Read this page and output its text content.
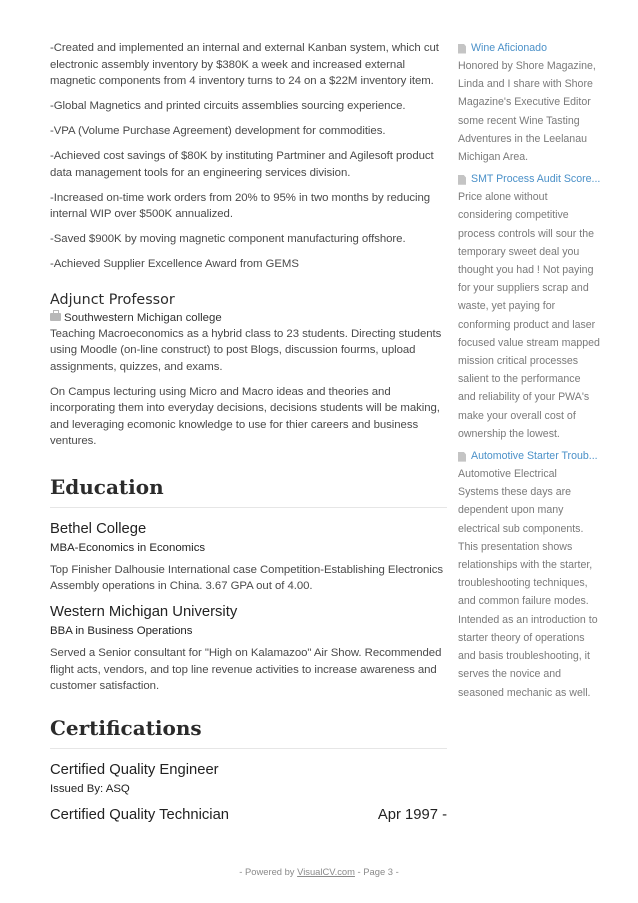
-Created and implemented an internal and external Kanban system, which cut electronic assembly inventory by $380K a week and increased external magnetic components from 4 inventory turns to 24 on a $22M inventory item.

-Global Magnetics and printed circuits assemblies sourcing experience.

-VPA (Volume Purchase Agreement) development for commodities.

-Achieved cost savings of $80K by instituting Partminer and Agilesoft product data management tools for an engineering services division.

-Increased on-time work orders from 20% to 95% in two months by reducing internal WIP over $500K annualized.

-Saved $900K by moving magnetic component manufacturing offshore.

-Achieved Supplier Excellence Award from GEMS

Adjunct Professor
Southwestern Michigan college

Teaching Macroeconomics as a hybrid class to 23 students. Directing students using Moodle (on-line construct) to post Blogs, discussion fourms, upload assignments, quizzes, and exams.

On Campus lecturing using Micro and Macro ideas and theories and incorporating them into everyday decisions, decisions students will be making, and leveraging ecomonic knowledge to use for thier careers and business ventures.

Education
Bethel College
MBA-Economics in Economics

Top Finisher Dalhousie International case Competition-Establishing Electronics Assembly operations in China. 3.67 GPA out of 4.00.

Western Michigan University
BBA in Business Operations

Served a Senior consultant for "High on Kalamazoo" Air Show. Recommended flight acts, vendors, and top line revenue activities to increase awareness and customer satisfaction.

Certifications
Certified Quality Engineer
Issued By: ASQ
Certified Quality Technician	Apr 1997 -
Wine Aficionado

Honored by Shore Magazine, Linda and I share with Shore Magazine's Executive Editor some recent Wine Tasting Adventures in the Leelanau Michigan Area.

SMT Process Audit Score...

Price alone without considering competitive process controls will sour the temporary sweet deal you thought you had ! Not paying for your suppliers scrap and waste, yet paying for conforming product and laser focused value stream mapped mission critical processes salient to the performance and reliability of your PWA's make your overall cost of ownership the lowest.

Automotive Starter Troub...

Automotive Electrical Systems these days are dependent upon many electrical sub components. This presentation shows relationships with the starter, troubleshooting techniques, and common failure modes. Intended as an introduction to starter theory of operations and basis troubleshooting, it serves the novice and seasoned mechanic as well.

- Powered by VisualCV.com - Page 3 -
